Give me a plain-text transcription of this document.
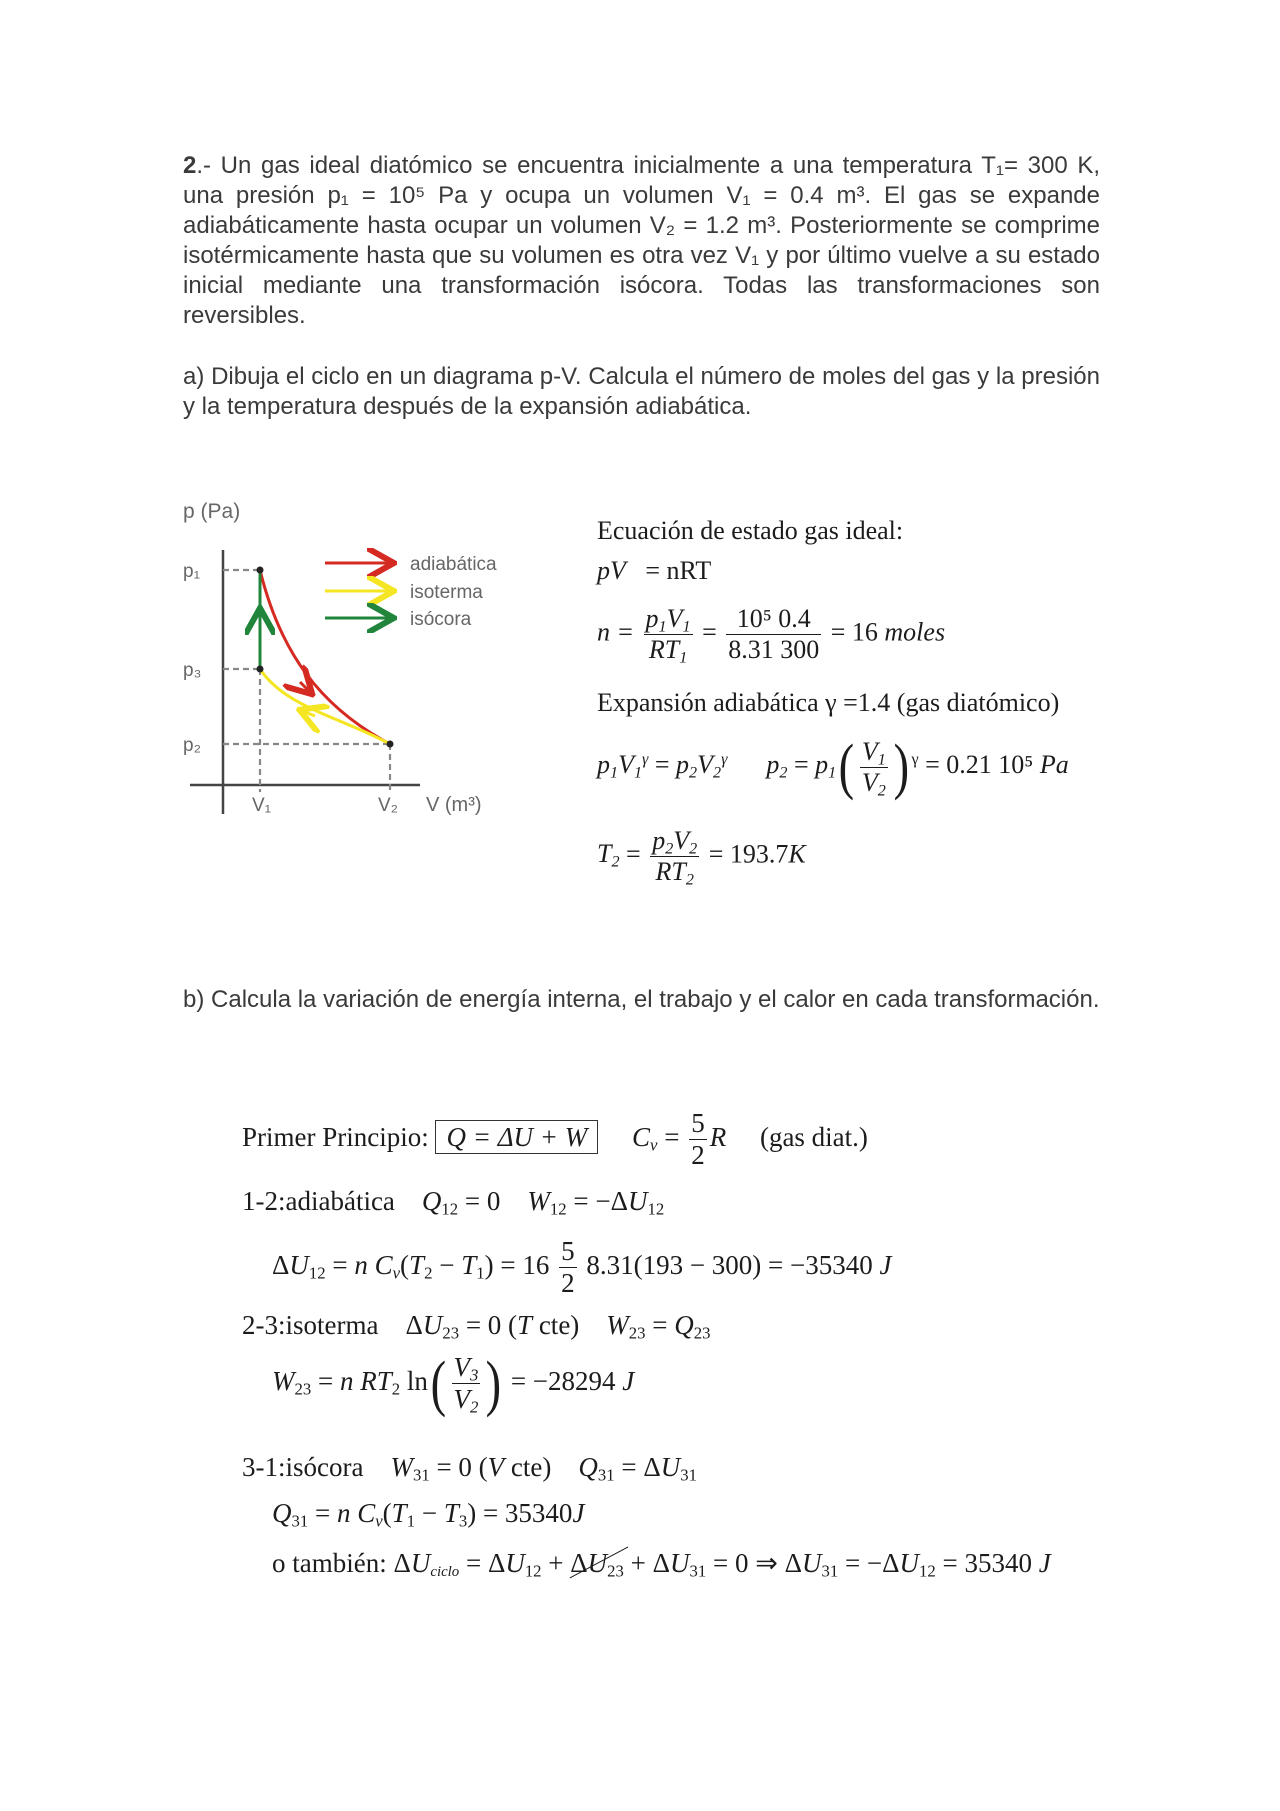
2.- Un gas ideal diatómico se encuentra inicialmente a una temperatura T₁= 300 K, una presión p₁ = 10⁵ Pa y ocupa un volumen V₁ = 0.4 m³. El gas se expande adiabáticamente hasta ocupar un volumen V₂ = 1.2 m³. Posteriormente se comprime isotérmicamente hasta que su volumen es otra vez V₁ y por último vuelve a su estado inicial mediante una transformación isócora. Todas las transformaciones son reversibles.
a) Dibuja el ciclo en un diagrama p-V. Calcula el número de moles del gas y la presión y la temperatura después de la expansión adiabática.
p (Pa)
p₁
p₃
p₂
V₁	V₂ V (m³)
adiabática
isoterma
isócora
Ecuación de estado gas ideal:
pV = nRT
$n = \frac{p_1V_1}{RT_1} = \frac{\text{10⁵ 0.4}}{8.31 300} = 16$ moles
Expansión adiabática γ =1.4 (gas diatómico)
$p_1V_1^\gamma = p_2V_2^\gamma$ $p_2 = p_1( \frac{V_1}{V_2}$ ) $^\gamma$ = 0.21 10⁵ Pa
$T_2 = \frac{p_2V_2}{RT_2} = 193.7K$
b) Calcula la variación de energía interna, el trabajo y el calor en cada transformación.
Primer Principio: Q = ΔU + W $C_v = \frac{5}{2}$ R (gas diat.)
1-2:adiabática $Q_{12} = 0$    $W_{12} = -\Delta U_{12}$
$\Delta U_{12} = n$ $C_v(T_2 - T_1) = 16 \frac{5}{2} 8.31(193 - 300) = -35340$ J
2-3:isoterma    $\Delta U_{23} = 0$ (T cte) $W_{23} = Q_{23}$
$W_{23} = n$ $RT_2$ $\ln( \frac{V_3}{V_2}$ ) = −28294 J
3-1:isócora $W_{31} = 0$ (V cte) $Q_{31} = \Delta U_{31}$
$Q_{31} = n$ $C_v(T_1 - T_3) = 35340J$
o también: $\Delta U_{ciclo} = \Delta U_{12} + \Delta U_{23} + \Delta U_{31} = 0$ ⇒ $\Delta U_{31} = -\Delta U_{12} = 35340$ J
